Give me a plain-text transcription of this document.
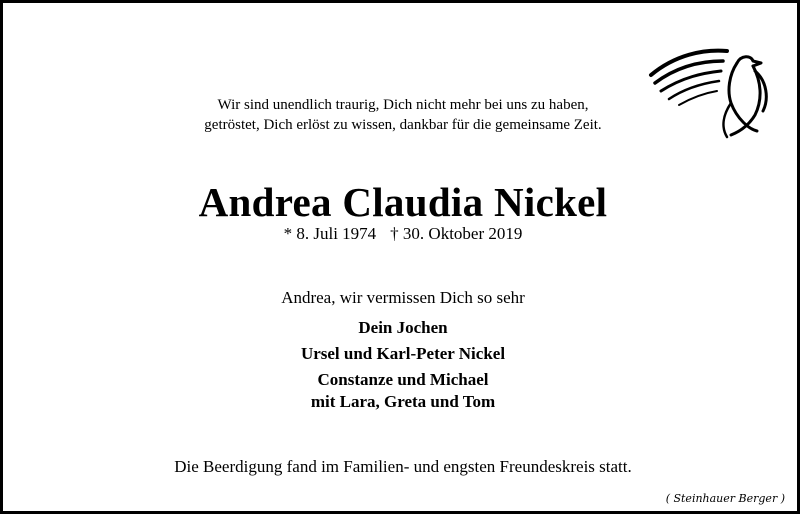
Wir sind unendlich traurig, Dich nicht mehr bei uns zu haben,
getröstet, Dich erlöst zu wissen, dankbar für die gemeinsame Zeit.
Andrea Claudia Nickel
* 8. Juli 1974 † 30. Oktober 2019
Andrea, wir vermissen Dich so sehr
Dein Jochen
Ursel und Karl-Peter Nickel
Constanze und Michael
mit Lara, Greta und Tom
Die Beerdigung fand im Familien- und engsten Freundeskreis statt.
( Steinhauer Berger )
